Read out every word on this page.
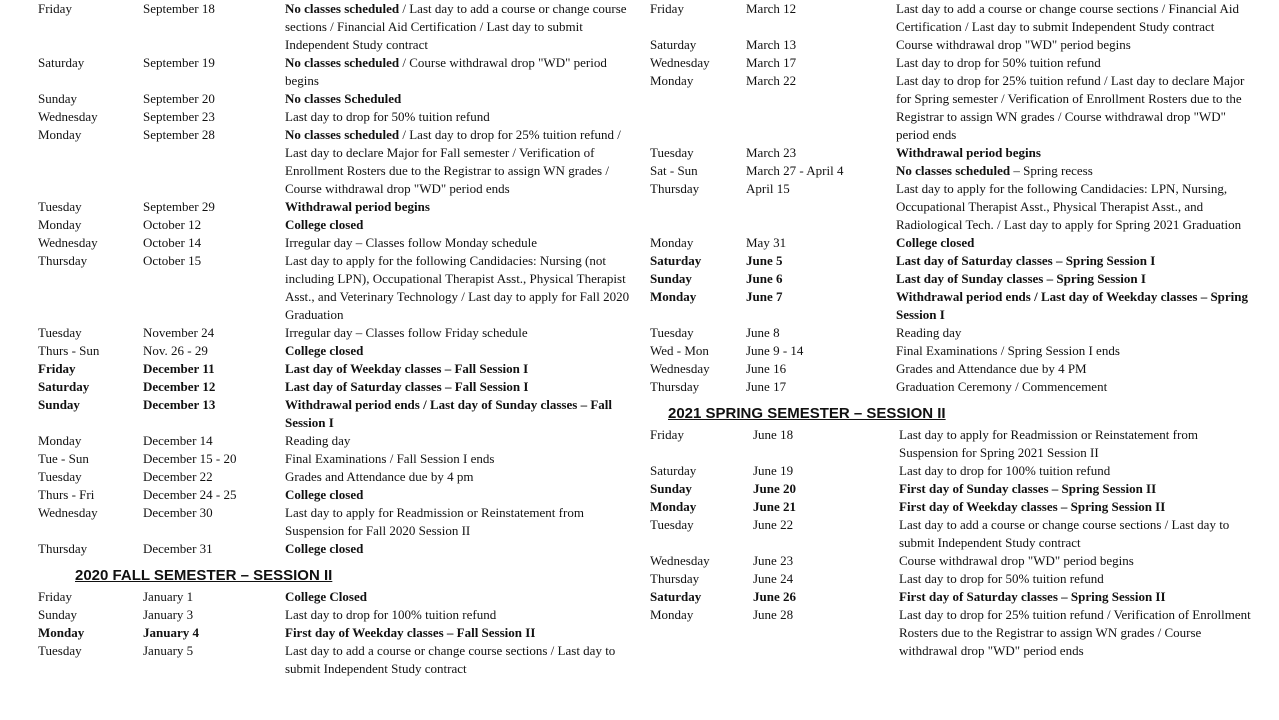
Friday	September 18	No classes scheduled / Last day to add a course or change course sections / Financial Aid Certification / Last day to submit Independent Study contract
Saturday	September 19	No classes scheduled / Course withdrawal drop "WD" period begins
Sunday	September 20	No classes Scheduled
Wednesday	September 23	Last day to drop for 50% tuition refund
Monday	September 28	No classes scheduled / Last day to drop for 25% tuition refund / Last day to declare Major for Fall semester / Verification of Enrollment Rosters due to the Registrar to assign WN grades / Course withdrawal drop "WD" period ends
Tuesday	September 29	Withdrawal period begins
Monday	October 12	College closed
Wednesday	October 14	Irregular day – Classes follow Monday schedule
Thursday	October 15	Last day to apply for the following Candidacies: Nursing (not including LPN), Occupational Therapist Asst., Physical Therapist Asst., and Veterinary Technology / Last day to apply for Fall 2020 Graduation
Tuesday	November 24	Irregular day – Classes follow Friday schedule
Thurs - Sun	Nov. 26 - 29	College closed
Friday	December 11	Last day of Weekday classes – Fall Session I
Saturday	December 12	Last day of Saturday classes – Fall Session I
Sunday	December 13	Withdrawal period ends / Last day of Sunday classes – Fall Session I
Monday	December 14	Reading day
Tue - Sun	December 15 - 20	Final Examinations / Fall Session I ends
Tuesday	December 22	Grades and Attendance due by 4 pm
Thurs - Fri	December 24 - 25	College closed
Wednesday	December 30	Last day to apply for Readmission or Reinstatement from Suspension for Fall 2020 Session II
Thursday	December 31	College closed
2020 FALL SEMESTER – SESSION II
Friday	January 1	College Closed
Sunday	January 3	Last day to drop for 100% tuition refund
Monday	January 4	First day of Weekday classes – Fall Session II
Tuesday	January 5	Last day to add a course or change course sections / Last day to submit Independent Study contract
Friday	March 12	Last day to add a course or change course sections / Financial Aid Certification / Last day to submit Independent Study contract
Saturday	March 13	Course withdrawal drop "WD" period begins
Wednesday	March 17	Last day to drop for 50% tuition refund
Monday	March 22	Last day to drop for 25% tuition refund / Last day to declare Major for Spring semester / Verification of Enrollment Rosters due to the Registrar to assign WN grades / Course withdrawal drop "WD" period ends
Tuesday	March 23	Withdrawal period begins
Sat - Sun	March 27 - April 4	No classes scheduled – Spring recess
Thursday	April 15	Last day to apply for the following Candidacies: LPN, Nursing, Occupational Therapist Asst., Physical Therapist Asst., and Radiological Tech. / Last day to apply for Spring 2021 Graduation
Monday	May 31	College closed
Saturday	June 5	Last day of Saturday classes – Spring Session I
Sunday	June 6	Last day of Sunday classes – Spring Session I
Monday	June 7	Withdrawal period ends / Last day of Weekday classes – Spring Session I
Tuesday	June 8	Reading day
Wed - Mon	June 9 - 14	Final Examinations / Spring Session I ends
Wednesday	June 16	Grades and Attendance due by 4 PM
Thursday	June 17	Graduation Ceremony / Commencement
2021 SPRING SEMESTER – SESSION II
Friday	June 18	Last day to apply for Readmission or Reinstatement from Suspension for Spring 2021 Session II
Saturday	June 19	Last day to drop for 100% tuition refund
Sunday	June 20	First day of Sunday classes – Spring Session II
Monday	June 21	First day of Weekday classes – Spring Session II
Tuesday	June 22	Last day to add a course or change course sections / Last day to submit Independent Study contract
Wednesday	June 23	Course withdrawal drop "WD" period begins
Thursday	June 24	Last day to drop for 50% tuition refund
Saturday	June 26	First day of Saturday classes – Spring Session II
Monday	June 28	Last day to drop for 25% tuition refund / Verification of Enrollment Rosters due to the Registrar to assign WN grades / Course withdrawal drop "WD" period ends
